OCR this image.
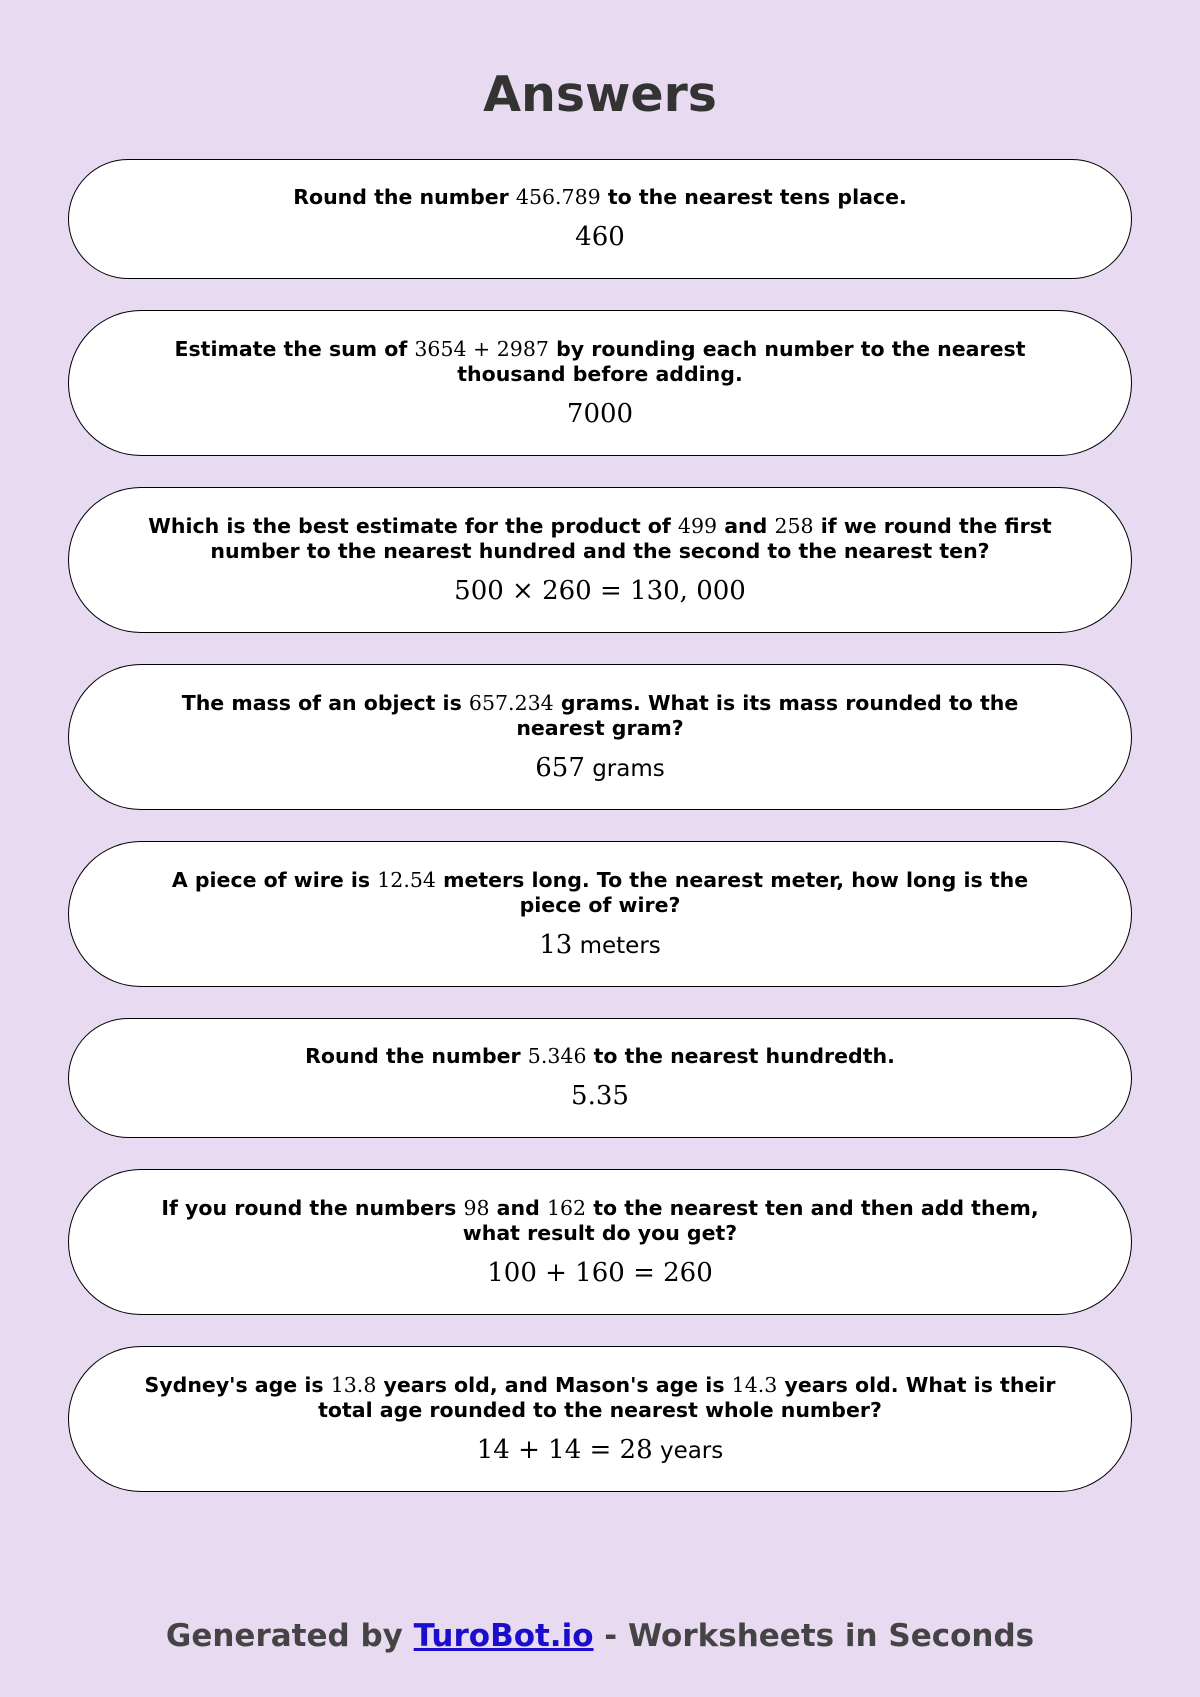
Answers

Round the number 456.789 to the nearest tens place.

460

Estimate the sum of 3654 + 2987 by rounding each number to the nearest thousand before adding.

7000

Which is the best estimate for the product of 499 and 258 if we round the first number to the nearest hundred and the second to the nearest ten?

500 × 260 = 130, 000

The mass of an object is 657.234 grams. What is its mass rounded to the nearest gram?

657 grams

A piece of wire is 12.54 meters long. To the nearest meter, how long is the piece of wire?

13 meters

Round the number 5.346 to the nearest hundredth.

5.35

If you round the numbers 98 and 162 to the nearest ten and then add them, what result do you get?

100 + 160 = 260

Sydney's age is 13.8 years old, and Mason's age is 14.3 years old. What is their total age rounded to the nearest whole number?

14 + 14 = 28 years
Generated by TuroBot.io - Worksheets in Seconds
